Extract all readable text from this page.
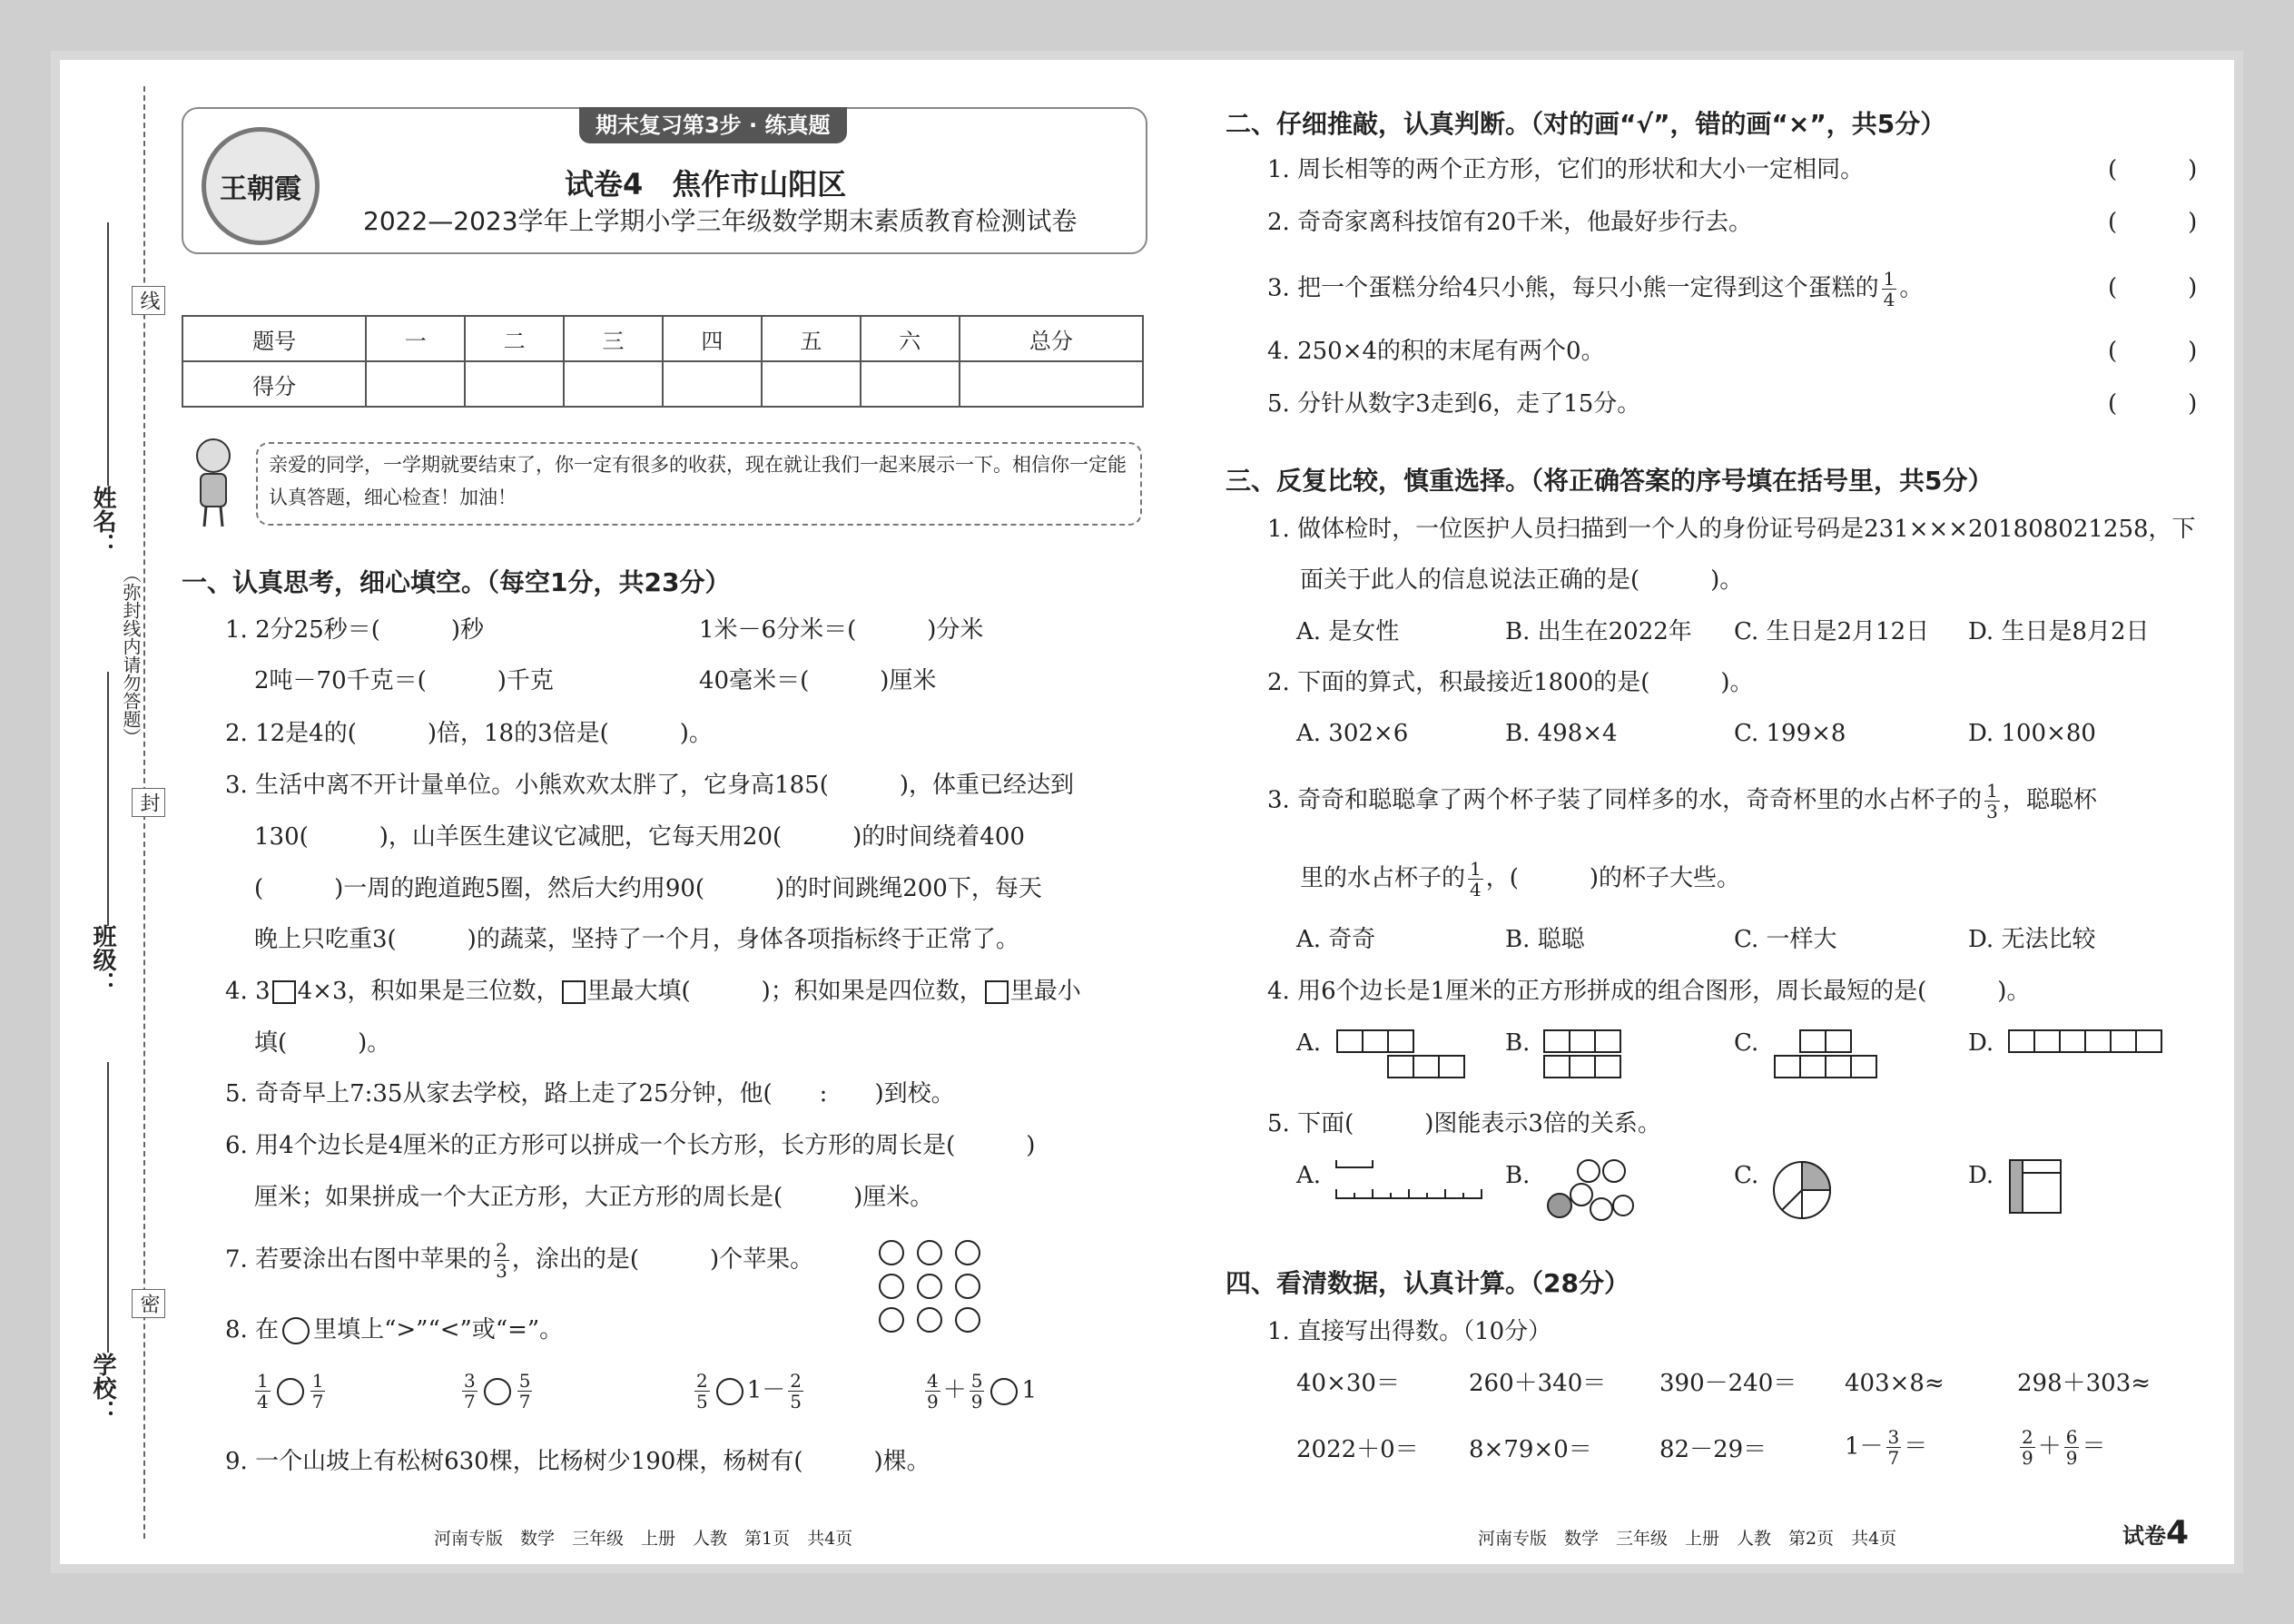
线
封
密
（弥封线内请勿答题）
姓名：
班级：
学校：
期末复习第3步 · 练真题
王朝霞	试卷4　焦作市山阳区
2022—2023学年上学期小学三年级数学期末素质教育检测试卷
题号	一	二	三	四	五	六	总分
得分							
亲爱的同学，一学期就要结束了，你一定有很多的收获，现在就让我们一起来展示一下。相信你一定能认真答题，细心检查！加油！
一、认真思考，细心填空。（每空1分，共23分）
1. 2分25秒＝(　　　)秒	1米－6分米＝(　　　)分米
2吨－70千克＝(　　　)千克	40毫米＝(　　　)厘米
2. 12是4的(　　　)倍，18的3倍是(　　　)。
3. 生活中离不开计量单位。小熊欢欢太胖了，它身高185(　　　)，体重已经达到
130(　　　)，山羊医生建议它减肥，它每天用20(　　　)的时间绕着400
(　　　)一周的跑道跑5圈，然后大约用90(　　　)的时间跳绳200下，每天
晚上只吃重3(　　　)的蔬菜，坚持了一个月，身体各项指标终于正常了。
4. 3 4×3，积如果是三位数， 里最大填(　　　)；积如果是四位数， 里最小
填(　　　)。
5. 奇奇早上7:35从家去学校，路上走了25分钟，他(　　:　　)到校。
6. 用4个边长是4厘米的正方形可以拼成一个长方形，长方形的周长是(　　　)
厘米；如果拼成一个大正方形，大正方形的周长是(　　　)厘米。
7. 若要涂出右图中苹果的 $\frac{2}{3}$ ，涂出的是(　　　)个苹果。
8. 在 里填上“>”“<”或“=”。
$\frac{1}{4} \frac{1}{7}$	$\frac{3}{7} \frac{5}{7}$	$\frac{2}{5} 1- \frac{2}{5}$	$\frac{4}{9} + \frac{5}{9} 1$
9. 一个山坡上有松树630棵，比杨树少190棵，杨树有(　　　)棵。
二、仔细推敲，认真判断。（对的画“√”，错的画“×”，共5分）
1. 周长相等的两个正方形，它们的形状和大小一定相同。	(　　　)
2. 奇奇家离科技馆有20千米，他最好步行去。	(　　　)
3. 把一个蛋糕分给4只小熊，每只小熊一定得到这个蛋糕的 $\frac{1}{4}$ 。	(　　　)
4. 250×4的积的末尾有两个0。	(　　　)
5. 分针从数字3走到6，走了15分。	(　　　)
三、反复比较，慎重选择。（将正确答案的序号填在括号里，共5分）
1. 做体检时，一位医护人员扫描到一个人的身份证号码是231×××201808021258，下
面关于此人的信息说法正确的是(　　　)。
A. 是女性	B. 出生在2022年 C. 生日是2月12日 D. 生日是8月2日
2. 下面的算式，积最接近1800的是(　　　)。
A. 302×6	B. 498×4	C. 199×8	D. 100×80
3. 奇奇和聪聪拿了两个杯子装了同样多的水，奇奇杯里的水占杯子的 $\frac{1}{3}$ ，聪聪杯
里的水占杯子的 $\frac{1}{4}$ ，(　　　)的杯子大些。
A. 奇奇	B. 聪聪	C. 一样大	D. 无法比较
4. 用6个边长是1厘米的正方形拼成的组合图形，周长最短的是(　　　)。
A.	B.	C.	D.
5. 下面(　　　)图能表示3倍的关系。
A.	B.	C.	D.
四、看清数据，认真计算。（28分）
1. 直接写出得数。（10分）
40×30＝	260＋340＝ 390－240＝ 403×8≈	298＋303≈
2022＋0＝ 8×79×0＝	82－29＝	$1- \frac{3}{7}$ ＝	$\frac{2}{9} + \frac{6}{9}$ ＝
河南专版　数学　三年级　上册　人教　第1页　共4页	河南专版　数学　三年级　上册　人教　第2页　共4页	试卷4
